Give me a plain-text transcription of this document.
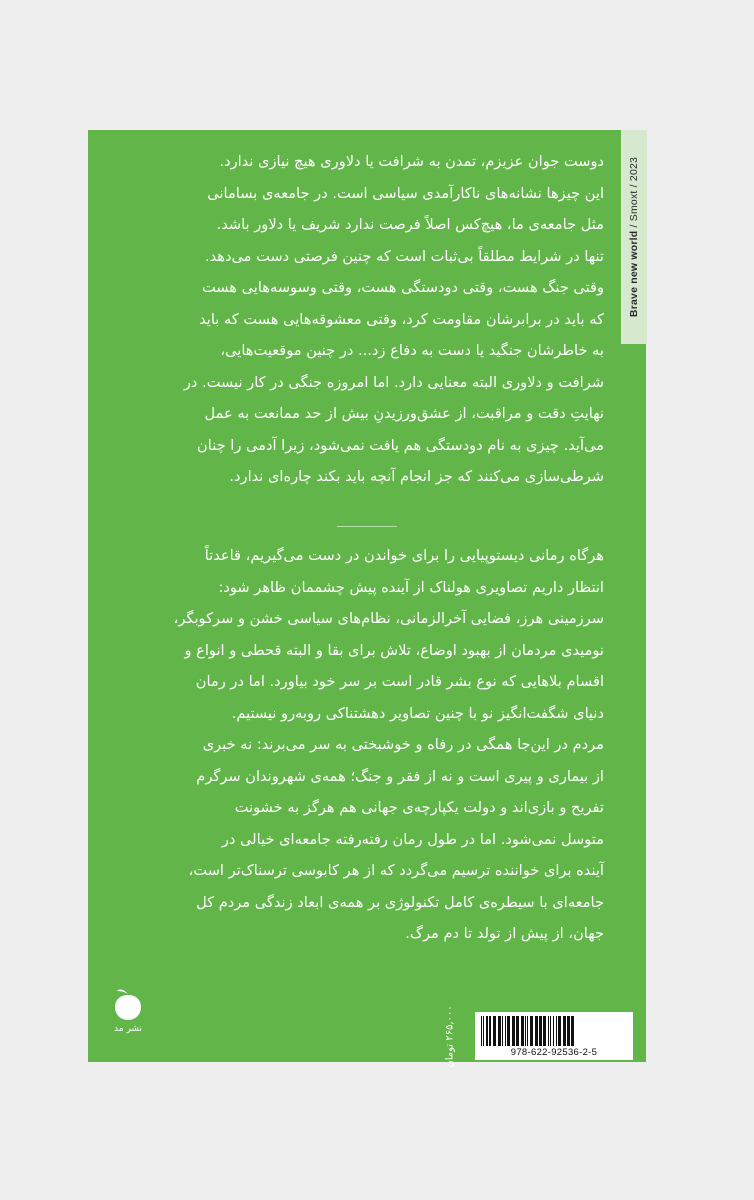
Brave new world / Smoxt / 2023

دوست جوان عزیزم، تمدن به شرافت یا دلاوری هیچ نیازی ندارد.

این چیزها نشانه‌های ناکارآمدی سیاسی است. در جامعه‌ی بسامانی

مثل جامعه‌ی ما، هیچ‌کس اصلاً فرصت ندارد شریف یا دلاور باشد.

تنها در شرایط مطلقاً بی‌ثبات است که چنین فرصتی دست می‌دهد.

وقتی جنگ هست، وقتی دودستگی هست، وقتی وسوسه‌هایی هست

که باید در برابرشان مقاومت کرد، وقتی معشوقه‌هایی هست که باید

به خاطرشان جنگید یا دست به دفاع زد... در چنین موقعیت‌هایی،

شرافت و دلاوری البته معنایی دارد. اما امروزه جنگی در کار نیست. در

نهایتِ دقت و مراقبت، از عشق‌ورزیدنِ بیش از حد ممانعت به عمل

می‌آید. چیزی به نام دودستگی هم یافت نمی‌شود، زیرا آدمی را چنان

شرطی‌سازی می‌کنند که جز انجام آنچه باید بکند چاره‌ای ندارد.

هرگاه رمانی دیستوپیایی را برای خواندن در دست می‌گیریم، قاعدتاً

انتظار داریم تصاویری هولناک از آینده پیش چشممان ظاهر شود:

سرزمینی هرز، فضایی آخرالزمانی، نظام‌های سیاسی خشن و سرکوبگر،

نومیدی مردمان از بهبود اوضاع، تلاش برای بقا و البته قحطی و انواع و

اقسام بلاهایی که نوع بشر قادر است بر سر خود بیاورد. اما در رمان

دنیای شگفت‌انگیز نو با چنین تصاویر دهشتناکی روبه‌رو نیستیم.

مردم در این‌جا همگی در رفاه و خوشبختی به سر می‌برند: نه خبری

از بیماری و پیری است و نه از فقر و جنگ؛ همه‌ی شهروندان سرگرم

تفریح و بازی‌اند و دولت یکپارچه‌ی جهانی هم هرگز به خشونت

متوسل نمی‌شود. اما در طول رمان رفته‌رفته جامعه‌ای خیالی در

آینده برای خواننده ترسیم می‌گردد که از هر کابوسی ترسناک‌تر است،

جامعه‌ای با سیطره‌ی کامل تکنولوژی بر همه‌ی ابعاد زندگی مردم کل

جهان، از پیش از تولد تا دم مرگ.

نشر مد
۲۶۵,۰۰۰ تومان
978-622-92536-2-5
